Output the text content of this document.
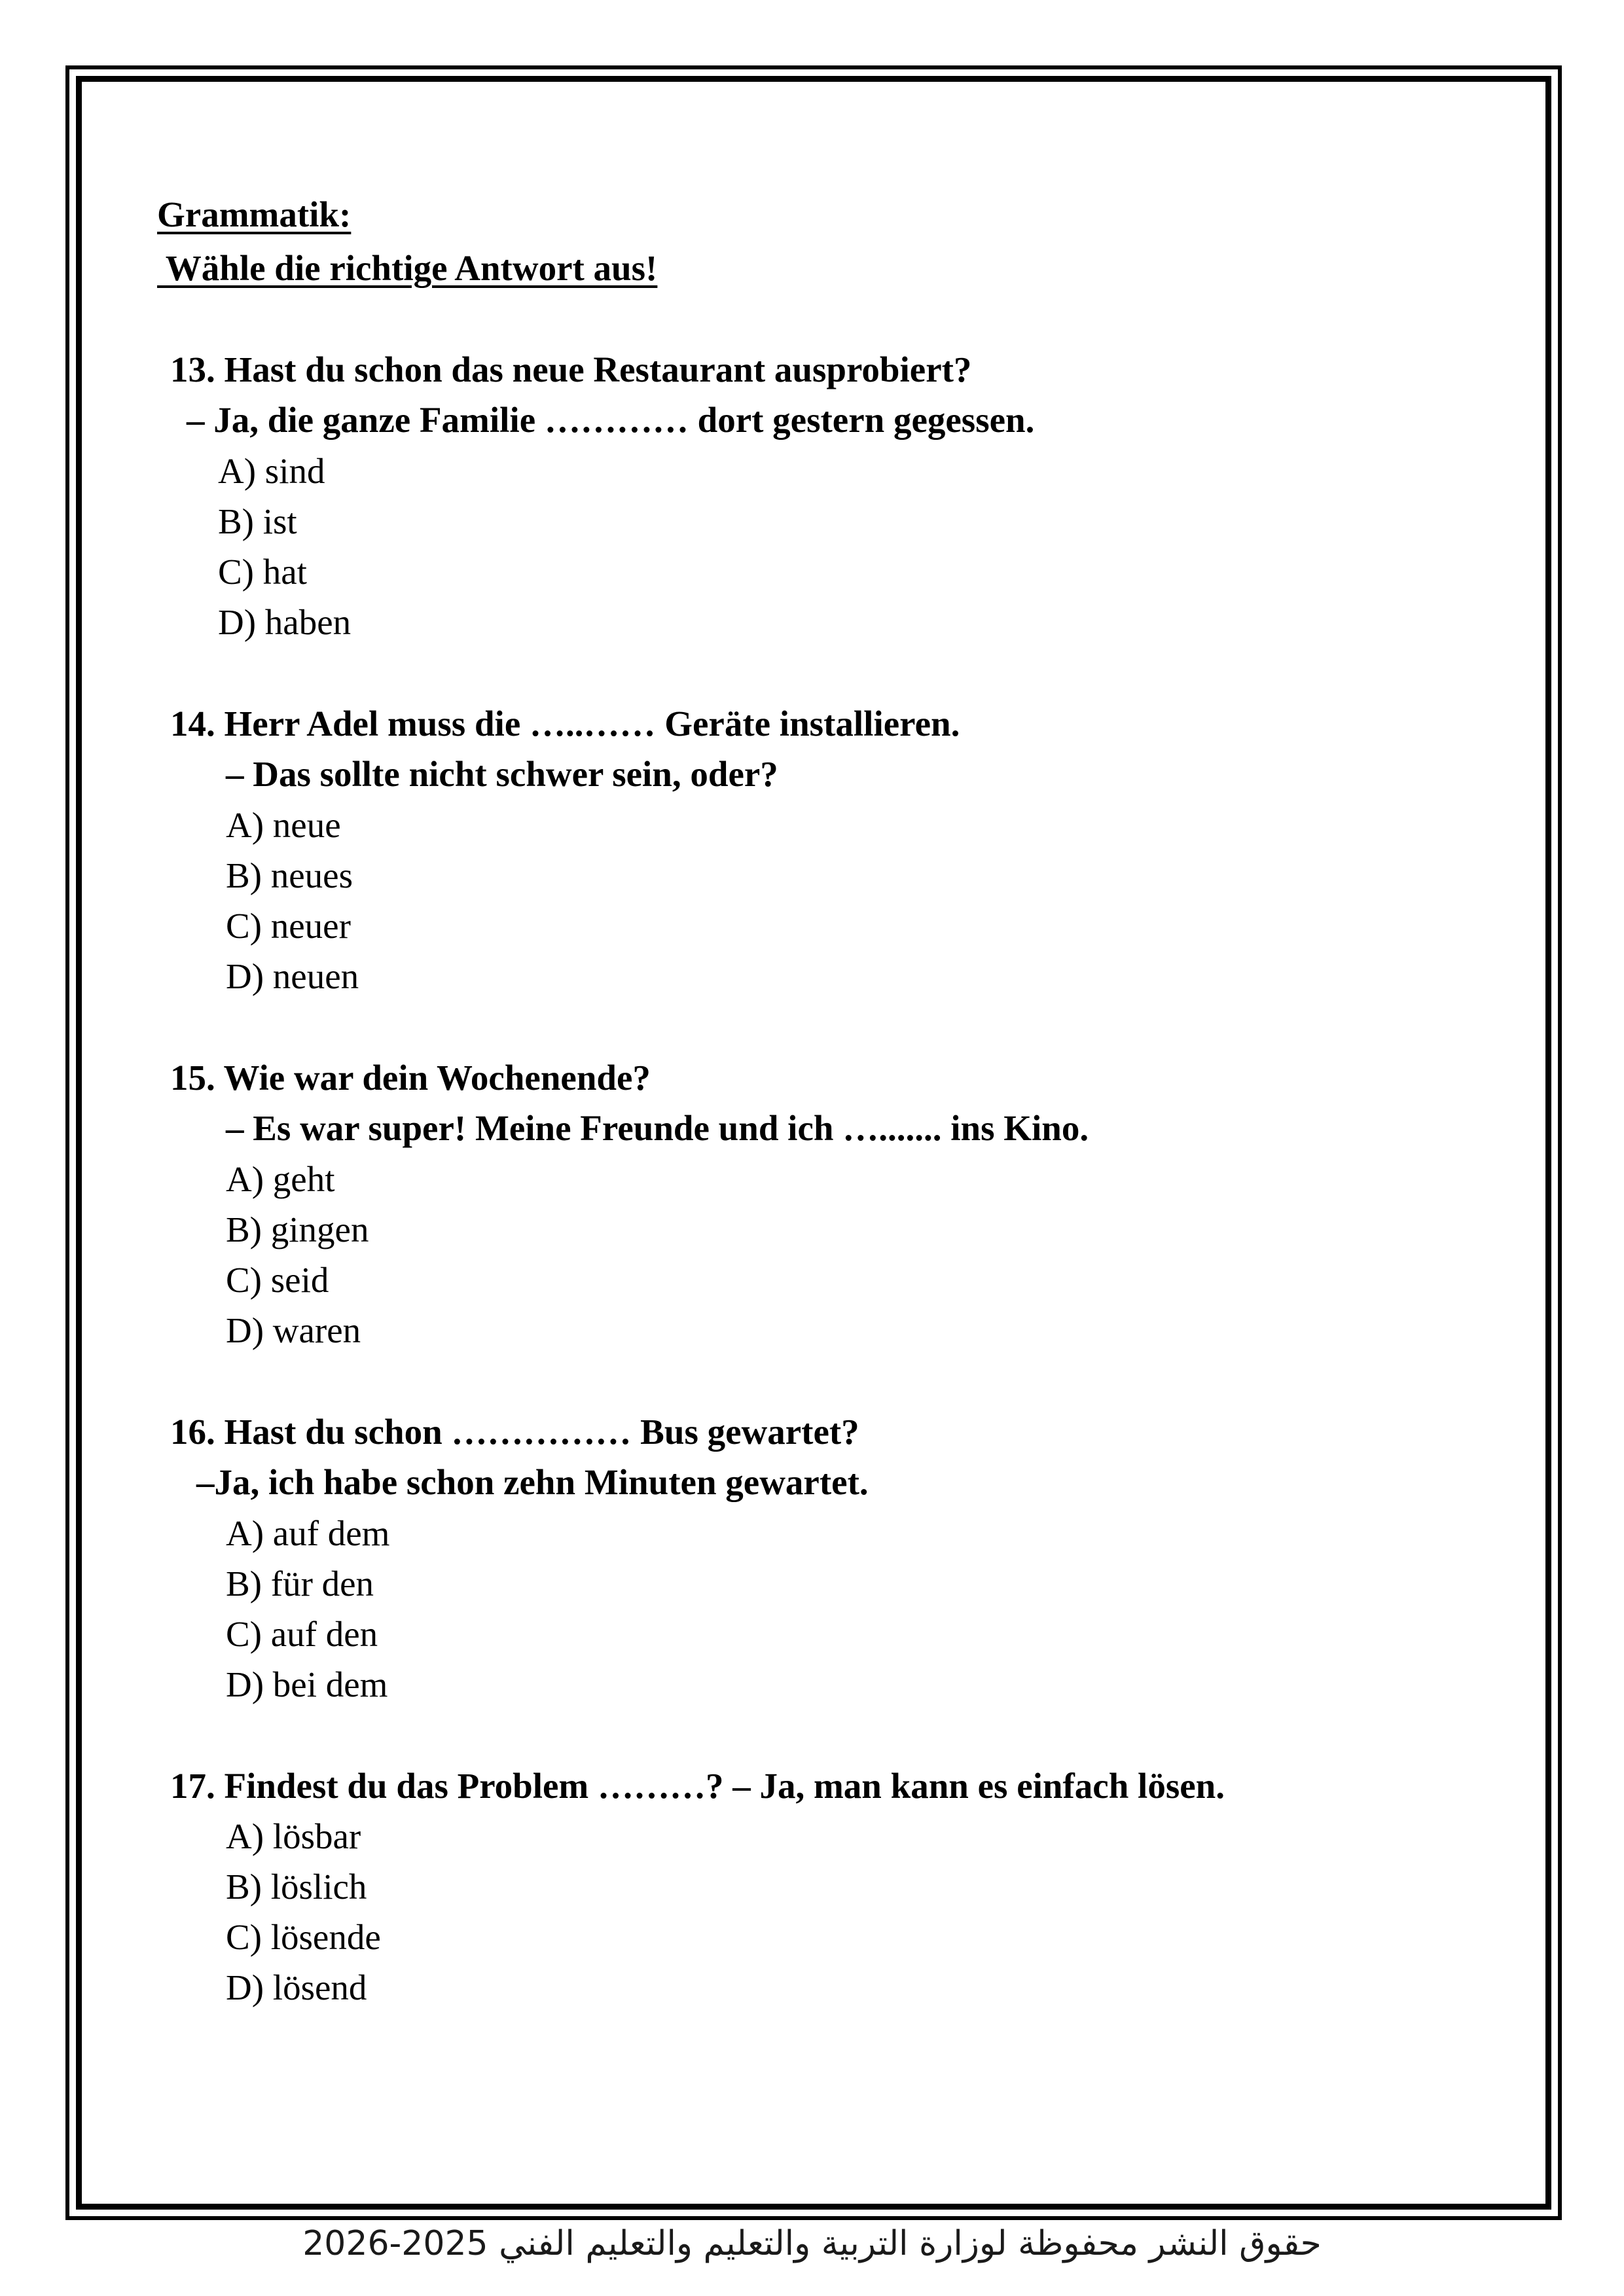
Grammatik:
Wähle die richtige Antwort aus!
13. Hast du schon das neue Restaurant ausprobiert?
– Ja, die ganze Familie ………… dort gestern gegessen.
A) sind
B) ist
C) hat
D) haben
14. Herr Adel muss die …..…… Geräte installieren.
– Das sollte nicht schwer sein, oder?
A) neue
B) neues
C) neuer
D) neuen
15. Wie war dein Wochenende?
– Es war super! Meine Freunde und ich …....... ins Kino.
A) geht
B) gingen
C) seid
D) waren
16. Hast du schon …………… Bus gewartet?
–Ja, ich habe schon zehn Minuten gewartet.
A) auf dem
B) für den
C) auf den
D) bei dem
17. Findest du das Problem ………? – Ja, man kann es einfach lösen.
A) lösbar
B) löslich
C) lösende
D) lösend
حقوق النشر محفوظة لوزارة التربية والتعليم والتعليم الفني 2025-2026
